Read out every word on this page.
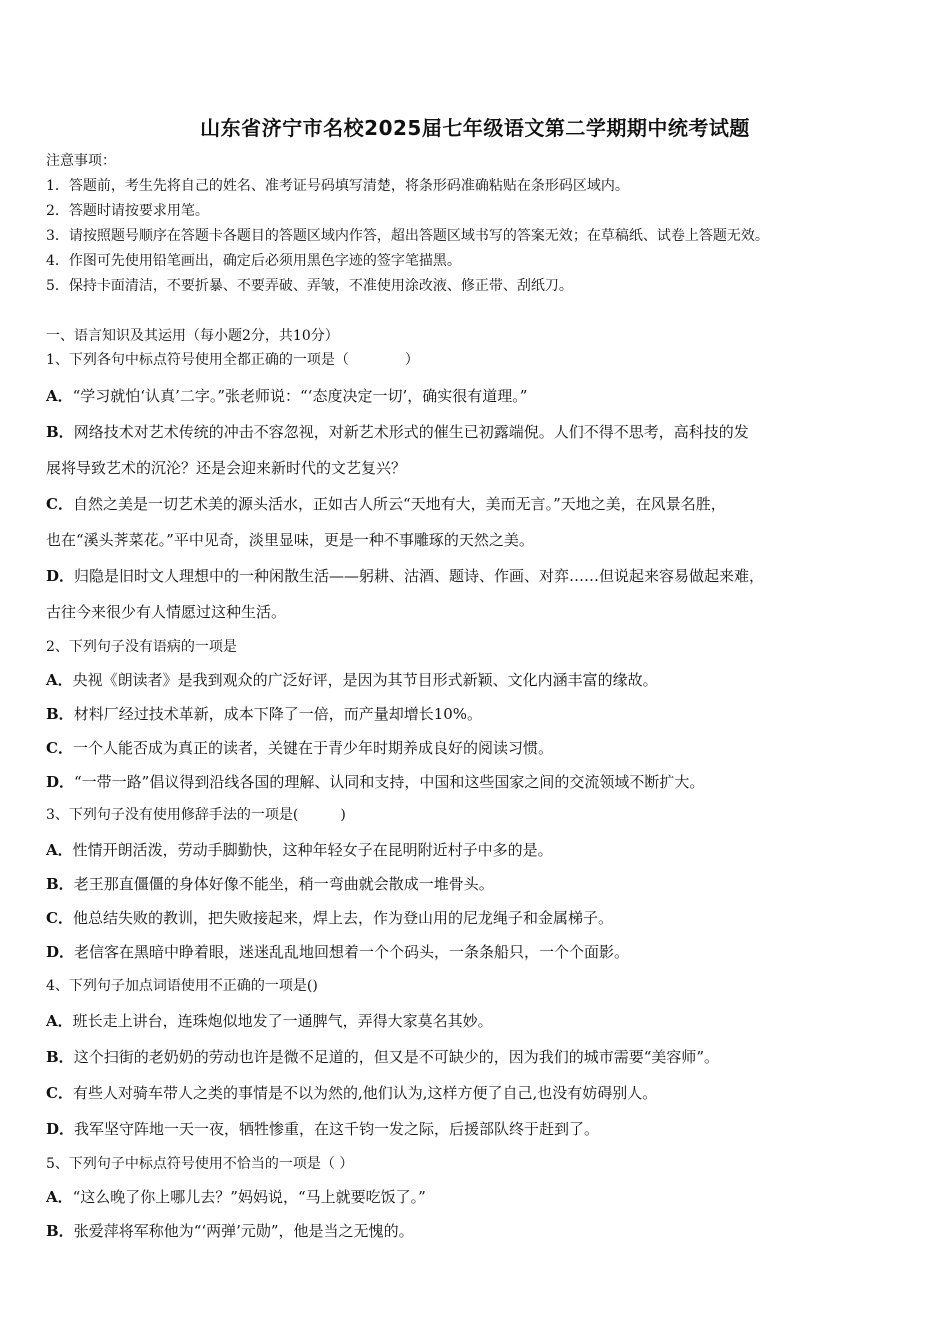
山东省济宁市名校2025届七年级语文第二学期期中统考试题
注意事项：
1．答题前，考生先将自己的姓名、准考证号码填写清楚，将条形码准确粘贴在条形码区域内。
2．答题时请按要求用笔。
3．请按照题号顺序在答题卡各题目的答题区域内作答，超出答题区域书写的答案无效；在草稿纸、试卷上答题无效。
4．作图可先使用铅笔画出，确定后必须用黑色字迹的签字笔描黑。
5．保持卡面清洁，不要折暴、不要弄破、弄皱，不准使用涂改液、修正带、刮纸刀。
一、语言知识及其运用（每小题2分，共10分）
1、下列各句中标点符号使用全都正确的一项是（　　　　）
A．“学习就怕‘认真’二字。”张老师说：“‘态度决定一切’，确实很有道理。”
B．网络技术对艺术传统的冲击不容忽视，对新艺术形式的催生已初露端倪。人们不得不思考，高科技的发
展将导致艺术的沉沦？还是会迎来新时代的文艺复兴？
C．自然之美是一切艺术美的源头活水，正如古人所云“天地有大，美而无言。”天地之美，在风景名胜，
也在“溪头荠菜花。”平中见奇，淡里显味，更是一种不事雕琢的天然之美。
D．归隐是旧时文人理想中的一种闲散生活——躬耕、沽酒、题诗、作画、对弈……但说起来容易做起来难，
古往今来很少有人情愿过这种生活。
2、下列句子没有语病的一项是
A．央视《朗读者》是我到观众的广泛好评，是因为其节目形式新颖、文化内涵丰富的缘故。
B．材料厂经过技术革新，成本下降了一倍，而产量却增长10%。
C．一个人能否成为真正的读者，关键在于青少年时期养成良好的阅读习惯。
D．“一带一路”倡议得到沿线各国的理解、认同和支持，中国和这些国家之间的交流领域不断扩大。
3、下列句子没有使用修辞手法的一项是(　　　)
A．性情开朗活泼，劳动手脚勤快，这种年轻女子在昆明附近村子中多的是。
B．老王那直僵僵的身体好像不能坐，稍一弯曲就会散成一堆骨头。
C．他总结失败的教训，把失败接起来，焊上去，作为登山用的尼龙绳子和金属梯子。
D．老信客在黑暗中睁着眼，迷迷乱乱地回想着一个个码头，一条条船只，一个个面影。
4、下列句子加点词语使用不正确的一项是()
A．班长走上讲台，连珠炮似地发了一通脾气，弄得大家莫名其妙。
B．这个扫街的老奶奶的劳动也许是微不足道的，但又是不可缺少的，因为我们的城市需要“美容师”。
C．有些人对骑车带人之类的事情是不以为然的,他们认为,这样方便了自己,也没有妨碍别人。
D．我军坚守阵地一天一夜，牺牲惨重，在这千钧一发之际，后援部队终于赶到了。
5、下列句子中标点符号使用不恰当的一项是（ ）
A．“这么晚了你上哪儿去？”妈妈说，“马上就要吃饭了。”
B．张爱萍将军称他为“‘两弹’元勋”，他是当之无愧的。
